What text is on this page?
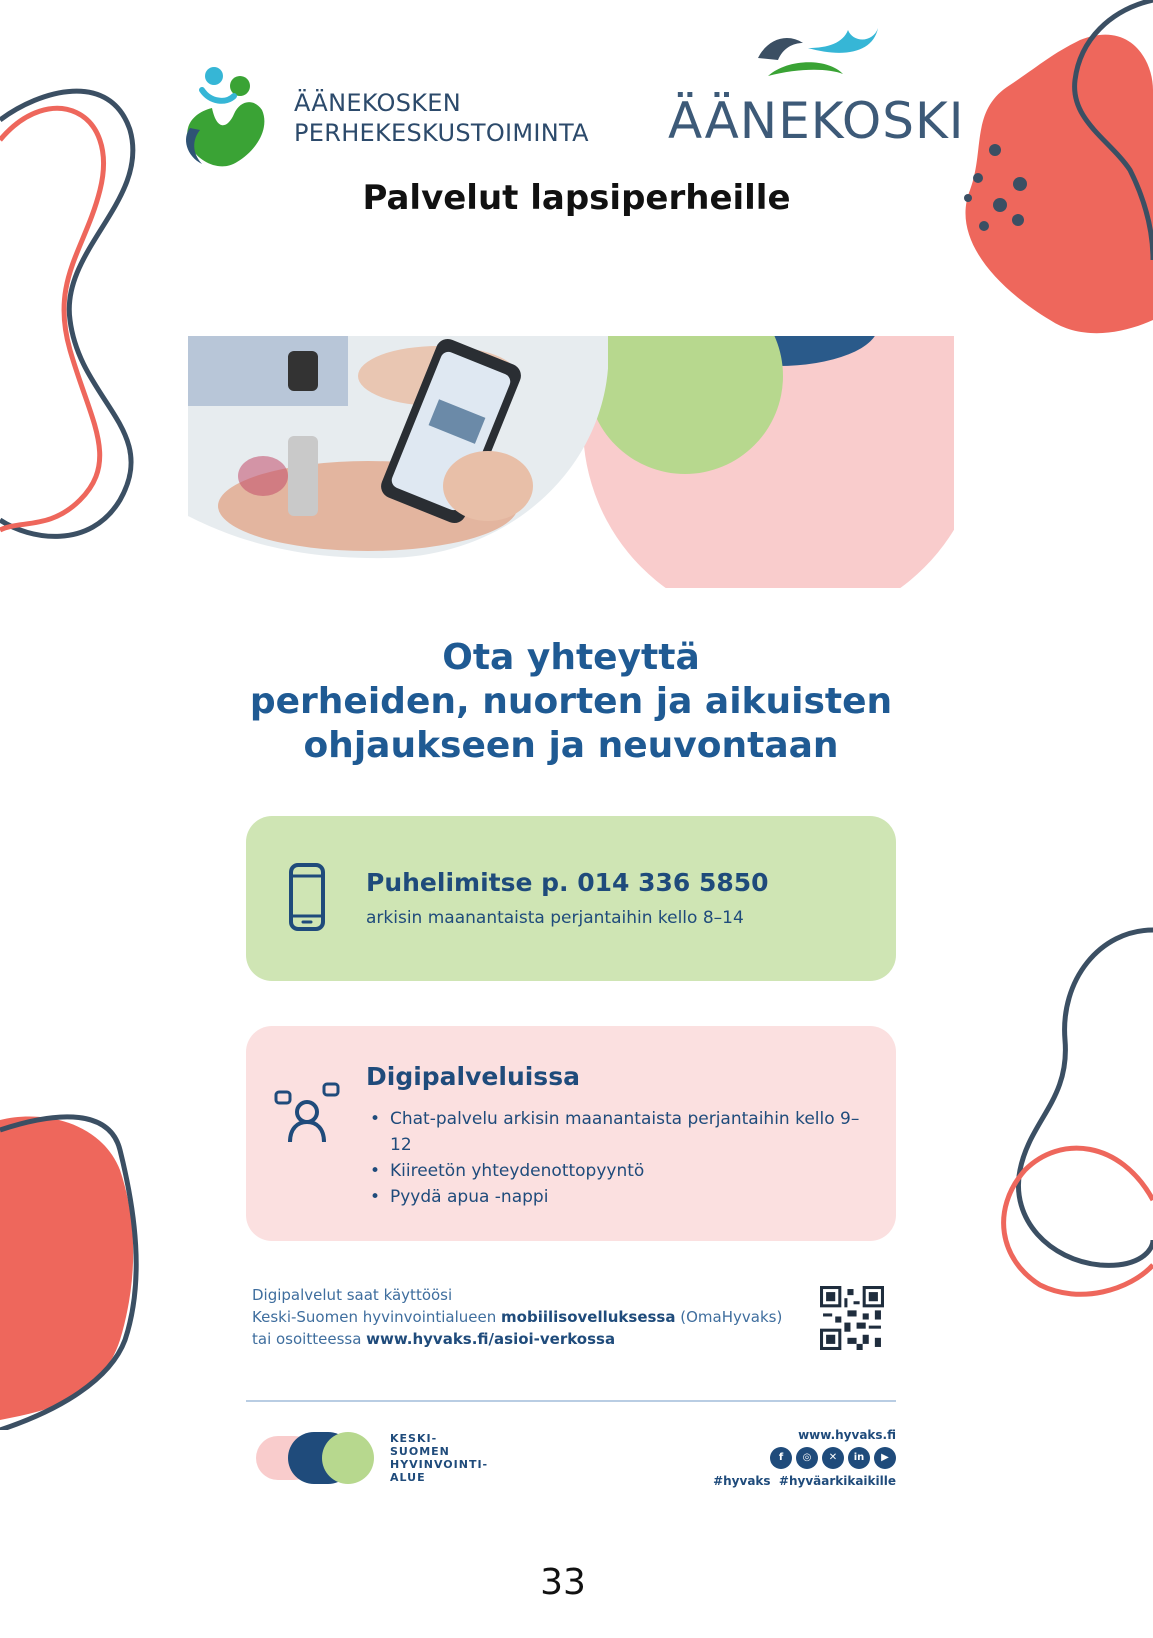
ÄÄNEKOSKEN
PERHEKESKUSTOIMINTA ÄÄNEKOSKI
Palvelut lapsiperheille
Ota yhteyttä
perheiden, nuorten ja aikuisten
ohjaukseen ja neuvontaan
Puhelimitse p. 014 336 5850
arkisin maanantaista perjantaihin kello 8–14
Digipalveluissa
• Chat-palvelu arkisin maanantaista perjantaihin kello 9–12
• Kiireetön yhteydenottopyyntö
• Pyydä apua -nappi
Digipalvelut saat käyttöösi
Keski-Suomen hyvinvointialueen mobiilisovelluksessa (OmaHyvaks)
tai osoitteessa www.hyvaks.fi/asioi-verkossa
KESKI-
SUOMEN
HYVINVOINTI-
ALUE
www.hyvaks.fi
f	◎	✕	in	▶
#hyvaks  #hyväarkikaikille
33
